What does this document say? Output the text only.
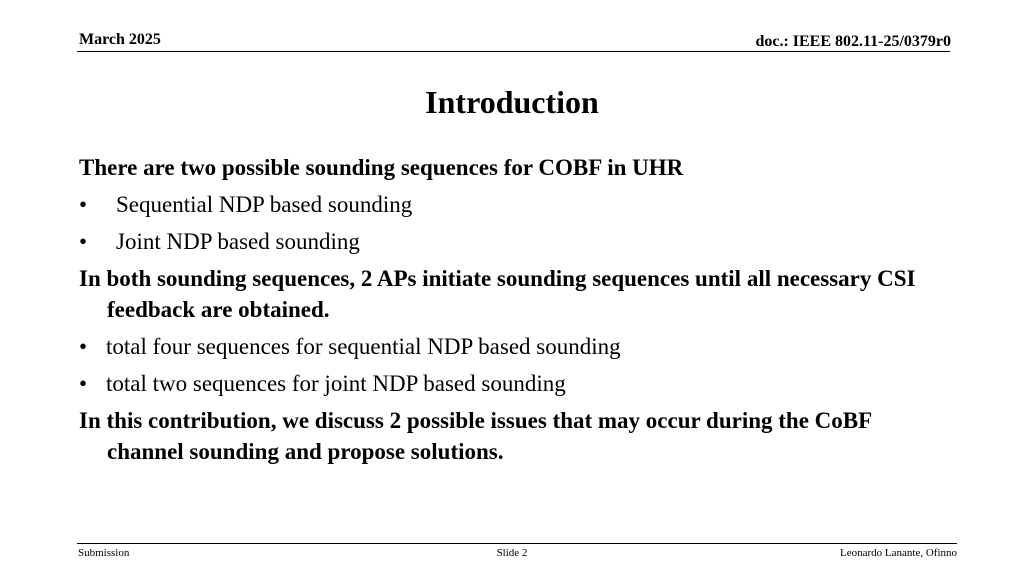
March 2025	doc.: IEEE 802.11-25/0379r0
Introduction

There are two possible sounding sequences for COBF in UHR

•	Sequential NDP based sounding
•	Joint NDP based sounding

In both sounding sequences, 2 APs initiate sounding sequences until all necessary CSI feedback are obtained.

• total four sequences for sequential NDP based sounding
• total two sequences for joint NDP based sounding

In this contribution, we discuss 2 possible issues that may occur during the CoBF channel sounding and propose solutions.

Submission	Slide 2	Leonardo Lanante, Ofinno
